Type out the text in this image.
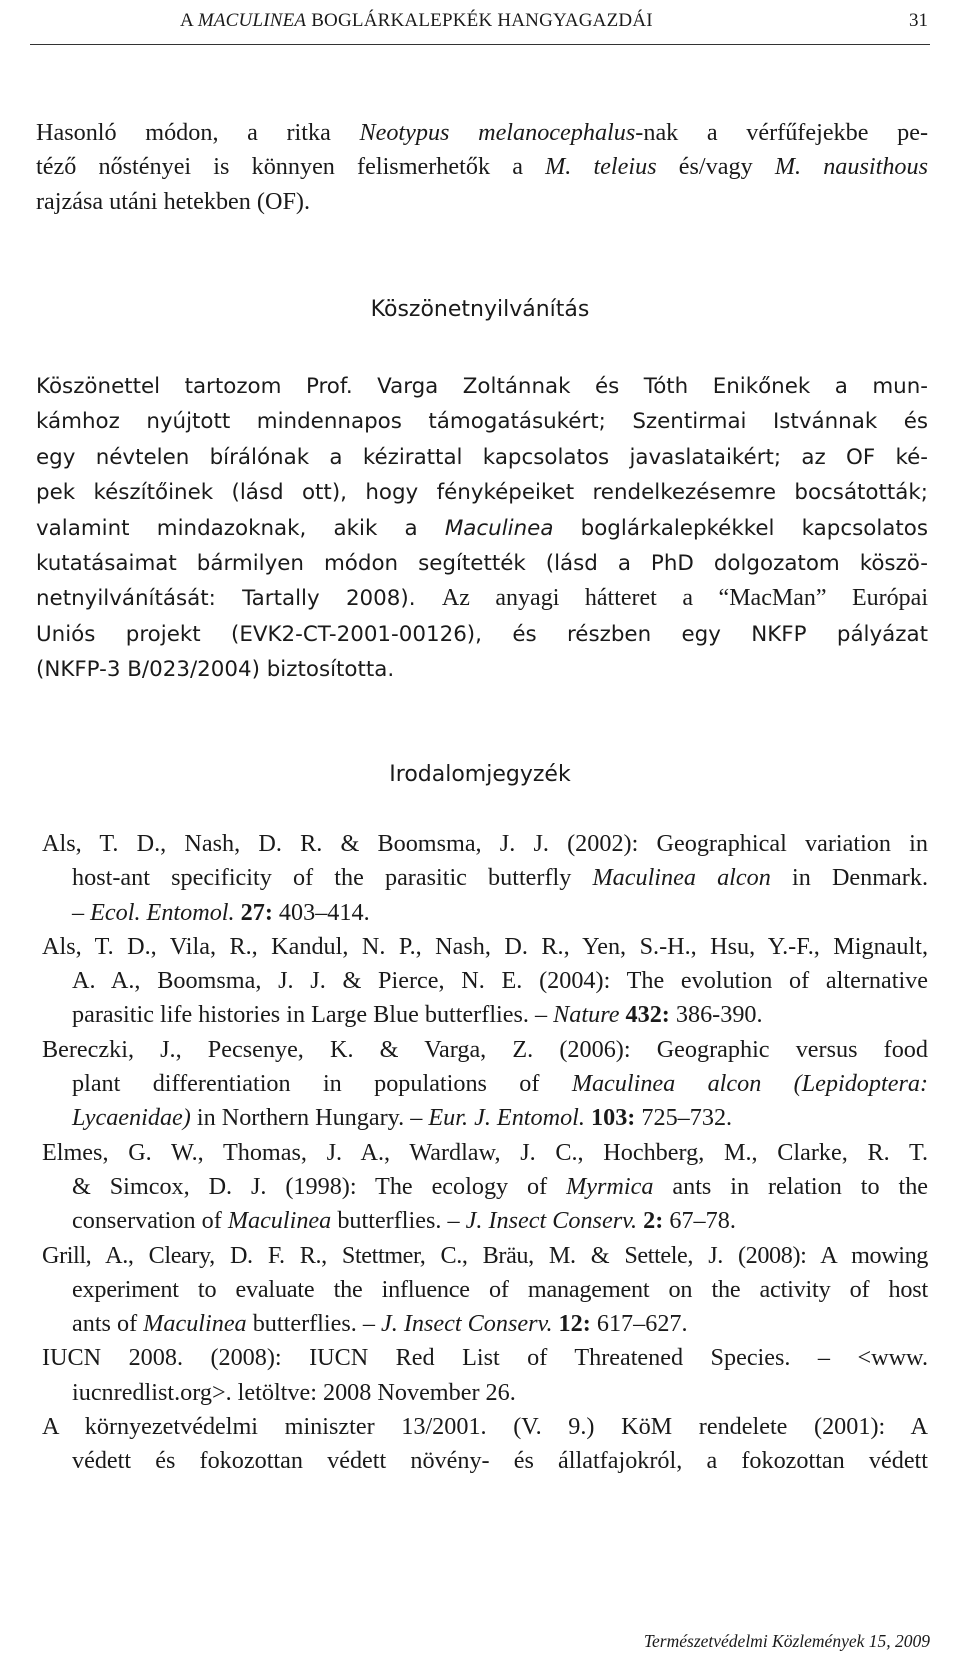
A MACULINEA BOGLÁRKALEPKÉK HANGYAGAZDÁI	31
Hasonló módon, a ritka Neotypus melanocephalus-nak a vérfűfejekbe pe-
téző nőstényei is könnyen felismerhetők a M. teleius és/vagy M. nausithous
rajzása utáni hetekben (OF).
Köszönetnyilvánítás
Köszönettel tartozom Prof. Varga Zoltánnak és Tóth Enikőnek a mun-
kámhoz nyújtott mindennapos támogatásukért; Szentirmai Istvánnak és
egy névtelen bírálónak a kézirattal kapcsolatos javaslataikért; az OF ké-
pek készítőinek (lásd ott), hogy fényképeiket rendelkezésemre bocsátották;
valamint mindazoknak, akik a Maculinea boglárkalepkékkel kapcsolatos
kutatásaimat bármilyen módon segítették (lásd a PhD dolgozatom köszö-
netnyilvánítását: Tartally 2008). Az anyagi hátteret a “MacMan” Európai
Uniós projekt (EVK2-CT-2001-00126), és részben egy NKFP pályázat
(NKFP-3 B/023/2004) biztosította.
Irodalomjegyzék
Als, T. D., Nash, D. R. & Boomsma, J. J. (2002): Geographical variation in
host-ant specificity of the parasitic butterfly Maculinea alcon in Denmark.
– Ecol. Entomol. 27: 403–414.
Als, T. D., Vila, R., Kandul, N. P., Nash, D. R., Yen, S.-H., Hsu, Y.-F., Mignault,
A. A., Boomsma, J. J. & Pierce, N. E. (2004): The evolution of alternative
parasitic life histories in Large Blue butterflies. – Nature 432: 386-390.
Bereczki, J., Pecsenye, K. & Varga, Z. (2006): Geographic versus food
plant differentiation in populations of Maculinea alcon (Lepidoptera:
Lycaenidae) in Northern Hungary. – Eur. J. Entomol. 103: 725–732.
Elmes, G. W., Thomas, J. A., Wardlaw, J. C., Hochberg, M., Clarke, R. T.
& Simcox, D. J. (1998): The ecology of Myrmica ants in relation to the
conservation of Maculinea butterflies. – J. Insect Conserv. 2: 67–78.
Grill, A., Cleary, D. F. R., Stettmer, C., Bräu, M. & Settele, J. (2008): A mowing
experiment to evaluate the influence of management on the activity of host
ants of Maculinea butterflies. – J. Insect Conserv. 12: 617–627.
IUCN 2008. (2008): IUCN Red List of Threatened Species. – <www.
iucnredlist.org>. letöltve: 2008 November 26.
A környezetvédelmi miniszter 13/2001. (V. 9.) KöM rendelete (2001): A
védett és fokozottan védett növény- és állatfajokról, a fokozottan védett
Természetvédelmi Közlemények 15, 2009
